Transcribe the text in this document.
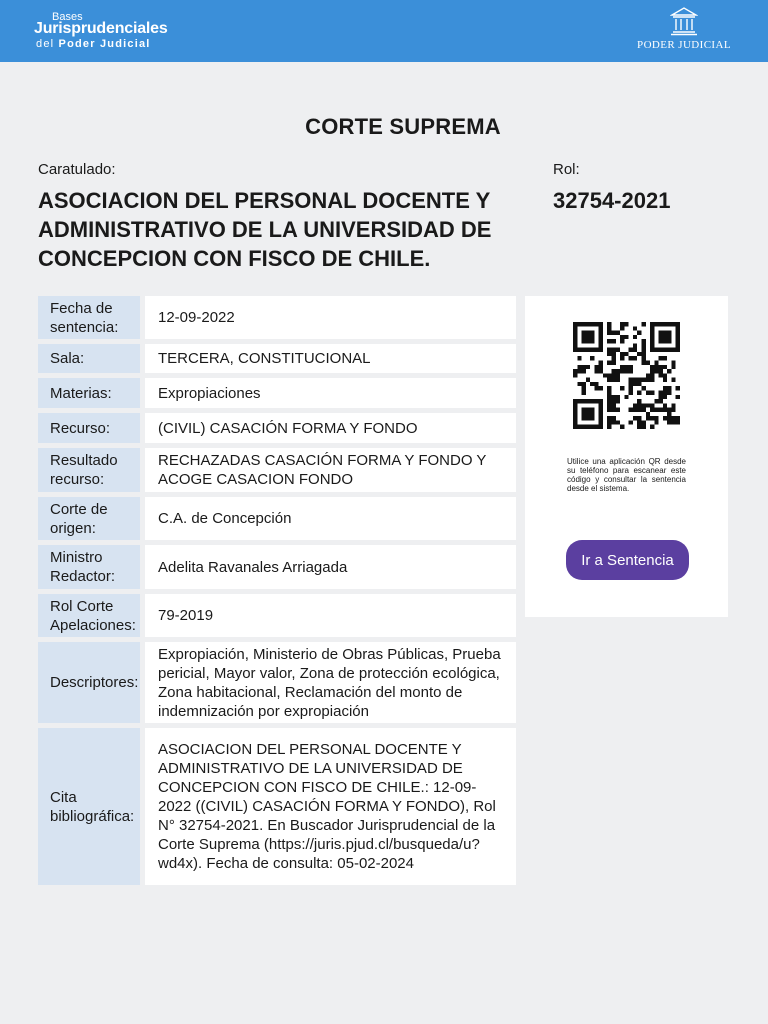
Bases
Jurisprudenciales
del Poder Judicial	PODER JUDICIAL
CORTE SUPREMA
Caratulado:	Rol:
ASOCIACION DEL PERSONAL DOCENTE Y ADMINISTRATIVO DE LA UNIVERSIDAD DE CONCEPCION CON FISCO DE CHILE.
32754-2021
Fecha de sentencia:
12-09-2022
Sala:	TERCERA, CONSTITUCIONAL
Materias:	Expropiaciones
Recurso:	(CIVIL) CASACIÓN FORMA Y FONDO
Resultado recurso:
RECHAZADAS CASACIÓN FORMA Y FONDO Y ACOGE CASACION FONDO
Corte de origen:
C.A. de Concepción
Ministro Redactor:
Adelita Ravanales Arriagada
Rol Corte Apelaciones:
79-2019
Descriptores:
Expropiación, Ministerio de Obras Públicas, Prueba pericial, Mayor valor, Zona de protección ecológica, Zona habitacional, Reclamación del monto de indemnización por expropiación
Cita bibliográfica:
ASOCIACION DEL PERSONAL DOCENTE Y ADMINISTRATIVO DE LA UNIVERSIDAD DE CONCEPCION CON FISCO DE CHILE.: 12-09-2022 ((CIVIL) CASACIÓN FORMA Y FONDO), Rol N° 32754-2021. En Buscador Jurisprudencial de la Corte Suprema (https://juris.pjud.cl/busqueda/u?wd4x). Fecha de consulta: 05-02-2024
Utilice una aplicación QR desde su teléfono para escanear este código y consultar la sentencia desde el sistema.
Ir a Sentencia
